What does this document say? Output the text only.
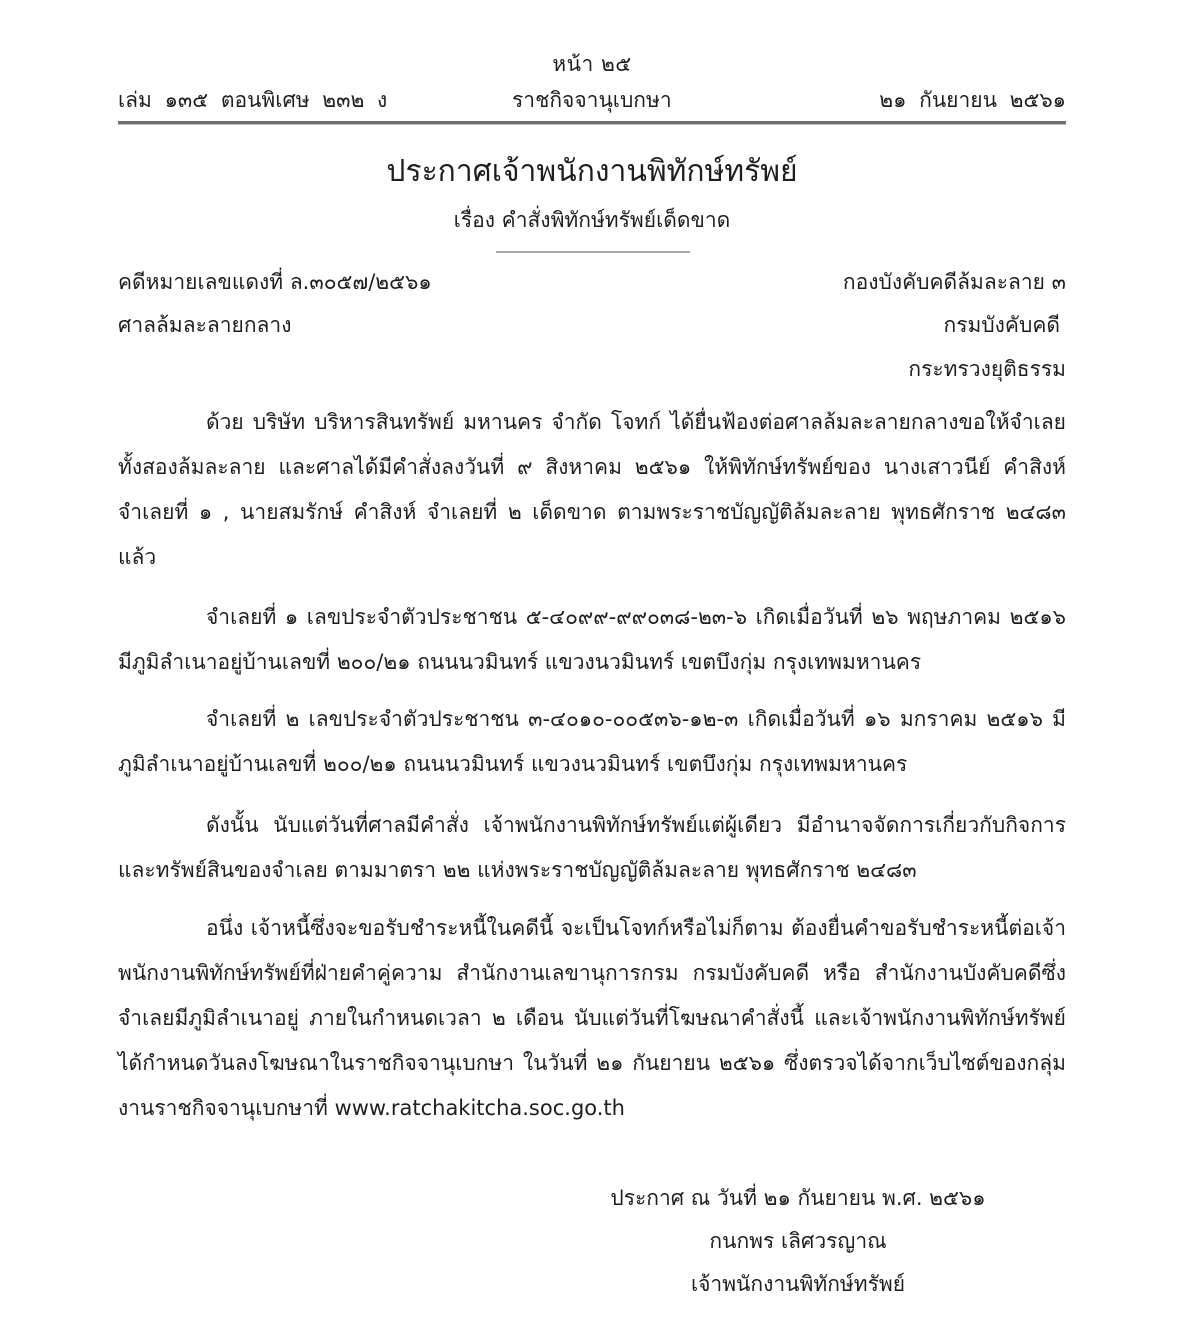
หน้า ๒๕
เล่ม ๑๓๕ ตอนพิเศษ ๒๓๒ ง	ราชกิจจานุเบกษา	๒๑ กันยายน ๒๕๖๑
ประกาศเจ้าพนักงานพิทักษ์ทรัพย์
เรื่อง คำสั่งพิทักษ์ทรัพย์เด็ดขาด
คดีหมายเลขแดงที่ ล.๓๐๕๗/๒๕๖๑	กองบังคับคดีล้มละลาย ๓
ศาลล้มละลายกลาง	กรมบังคับคดี
กระทรวงยุติธรรม

ด้วย บริษัท บริหารสินทรัพย์ มหานคร จำกัด โจทก์ ได้ยื่นฟ้องต่อศาลล้มละลายกลางขอให้จำเลยทั้งสองล้มละลาย และศาลได้มีคำสั่งลงวันที่ ๙ สิงหาคม ๒๕๖๑ ให้พิทักษ์ทรัพย์ของ นางเสาวนีย์ คำสิงห์ จำเลยที่ ๑ , นายสมรักษ์ คำสิงห์ จำเลยที่ ๒ เด็ดขาด ตามพระราชบัญญัติล้มละลาย พุทธศักราช ๒๔๘๓ แล้ว

จำเลยที่ ๑ เลขประจำตัวประชาชน ๕-๔๐๙๙-๙๙๐๓๘-๒๓-๖ เกิดเมื่อวันที่ ๒๖ พฤษภาคม ๒๕๑๖ มีภูมิลำเนาอยู่บ้านเลขที่ ๒๐๐/๒๑ ถนนนวมินทร์ แขวงนวมินทร์ เขตบึงกุ่ม กรุงเทพมหานคร

จำเลยที่ ๒ เลขประจำตัวประชาชน ๓-๔๐๑๐-๐๐๕๓๖-๑๒-๓ เกิดเมื่อวันที่ ๑๖ มกราคม ๒๕๑๖ มีภูมิลำเนาอยู่บ้านเลขที่ ๒๐๐/๒๑ ถนนนวมินทร์ แขวงนวมินทร์ เขตบึงกุ่ม กรุงเทพมหานคร

ดังนั้น นับแต่วันที่ศาลมีคำสั่ง เจ้าพนักงานพิทักษ์ทรัพย์แต่ผู้เดียว มีอำนาจจัดการเกี่ยวกับกิจการและทรัพย์สินของจำเลย ตามมาตรา ๒๒ แห่งพระราชบัญญัติล้มละลาย พุทธศักราช ๒๔๘๓

อนึ่ง เจ้าหนี้ซึ่งจะขอรับชำระหนี้ในคดีนี้ จะเป็นโจทก์หรือไม่ก็ตาม ต้องยื่นคำขอรับชำระหนี้ต่อเจ้าพนักงานพิทักษ์ทรัพย์ที่ฝ่ายคำคู่ความ สำนักงานเลขานุการกรม กรมบังคับคดี หรือ สำนักงานบังคับคดีซึ่งจำเลยมีภูมิลำเนาอยู่ ภายในกำหนดเวลา ๒ เดือน นับแต่วันที่โฆษณาคำสั่งนี้ และเจ้าพนักงานพิทักษ์ทรัพย์ได้กำหนดวันลงโฆษณาในราชกิจจานุเบกษา ในวันที่ ๒๑ กันยายน ๒๕๖๑ ซึ่งตรวจได้จากเว็บไซต์ของกลุ่มงานราชกิจจานุเบกษาที่ www.ratchakitcha.soc.go.th

ประกาศ ณ วันที่ ๒๑ กันยายน พ.ศ. ๒๕๖๑
กนกพร เลิศวรญาณ
เจ้าพนักงานพิทักษ์ทรัพย์
